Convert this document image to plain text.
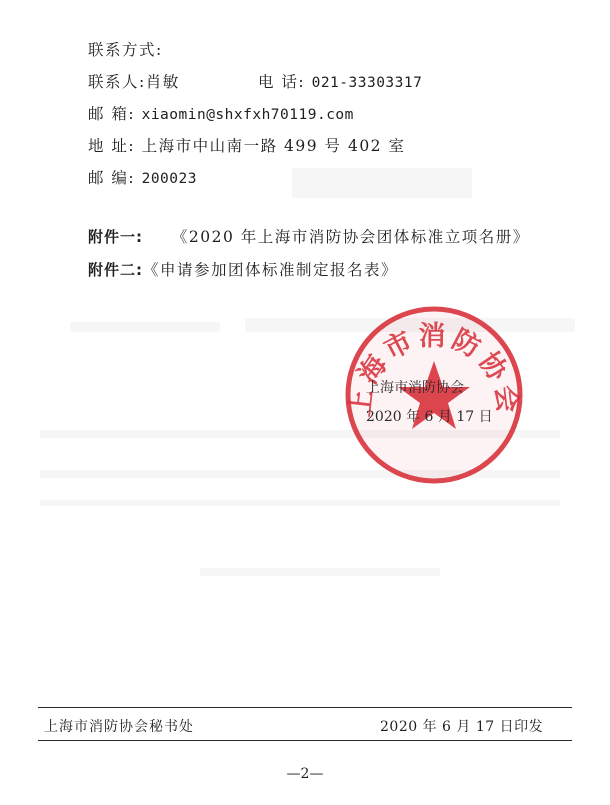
联系方式:
联系人:肖敏	电 话: 021-33303317
邮 箱: xiaomin@shxfxh70119.com
地 址: 上海市中山南一路 499 号 402 室
邮 编: 200023
附件一: 《2020 年上海市消防协会团体标准立项名册》
附件二:《申请参加团体标准制定报名表》
上海市消防协会
上海市消防协会
2020 年 6 月 17 日
上海市消防协会秘书处	2020 年 6 月 17 日印发
—2—
